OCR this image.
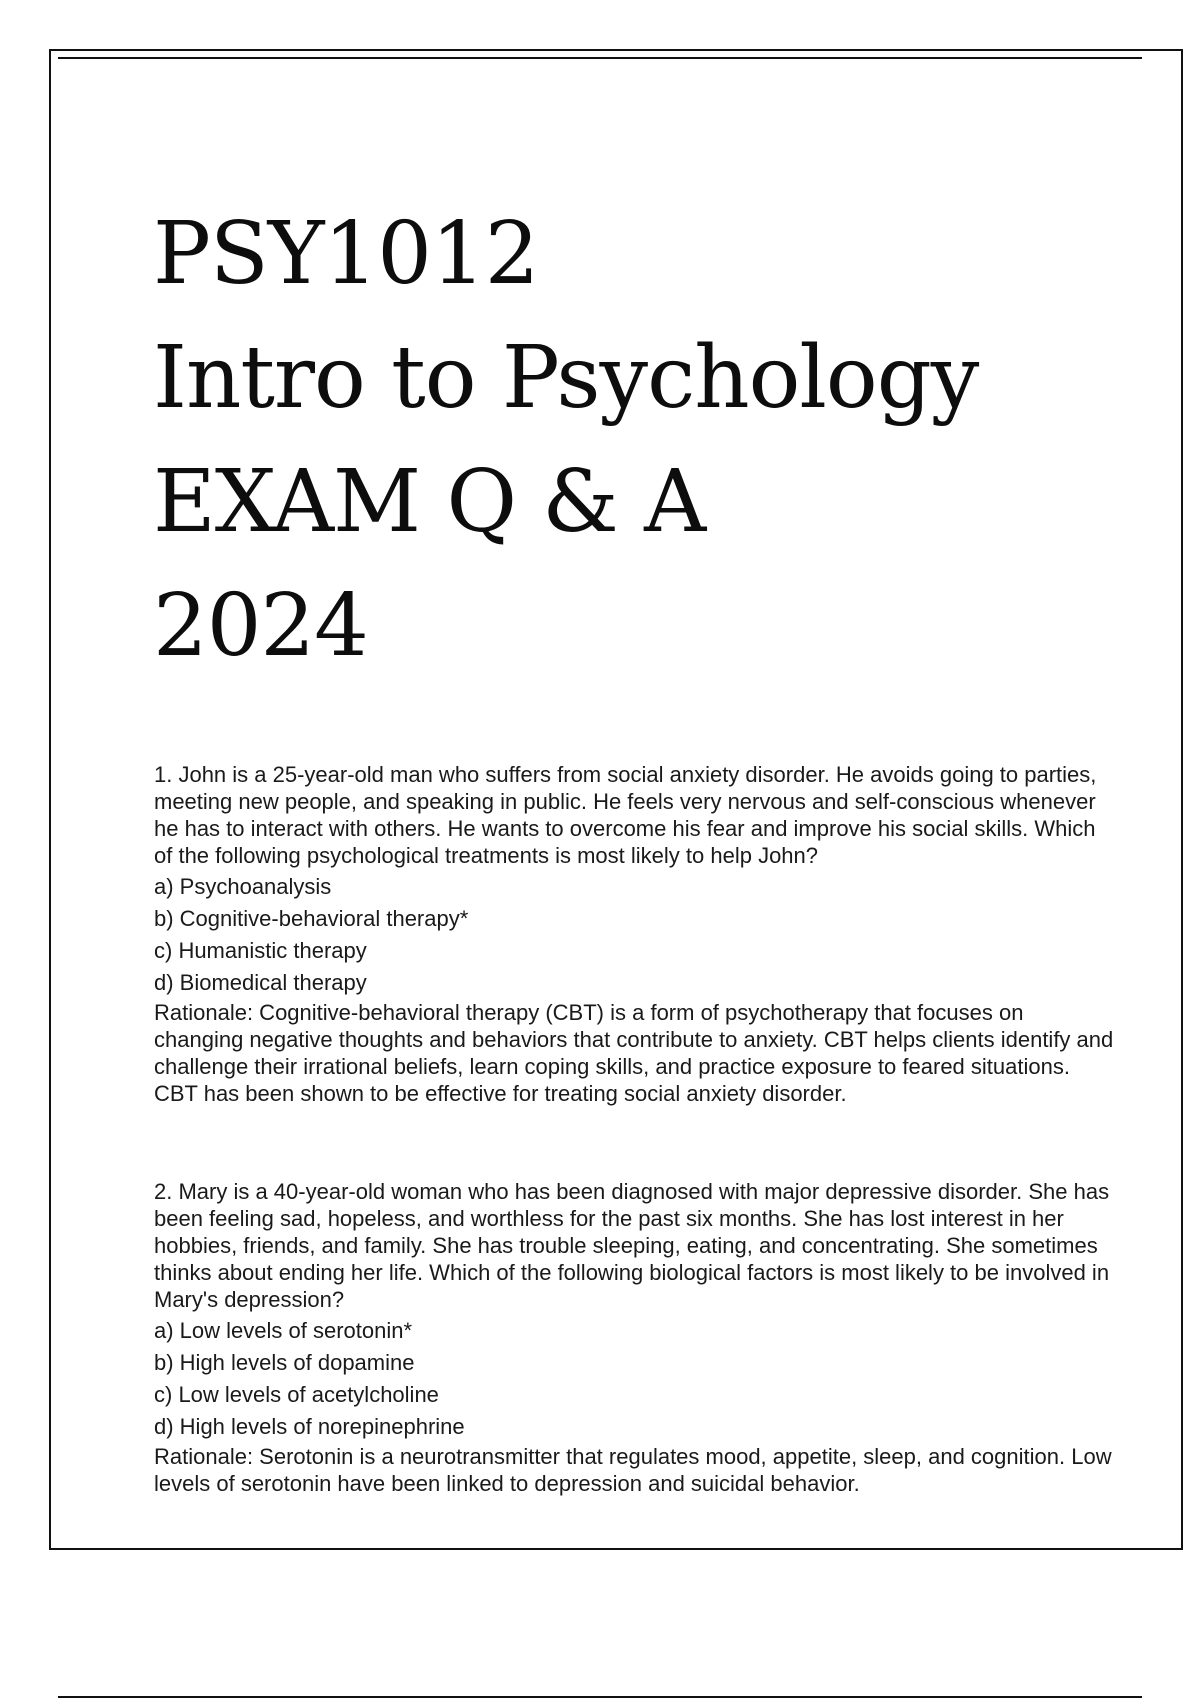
PSY1012
Intro to Psychology
EXAM Q & A
2024

1. John is a 25-year-old man who suffers from social anxiety disorder. He avoids going to parties, meeting new people, and speaking in public. He feels very nervous and self-conscious whenever he has to interact with others. He wants to overcome his fear and improve his social skills. Which of the following psychological treatments is most likely to help John?

a) Psychoanalysis

b) Cognitive-behavioral therapy*

c) Humanistic therapy

d) Biomedical therapy

Rationale: Cognitive-behavioral therapy (CBT) is a form of psychotherapy that focuses on changing negative thoughts and behaviors that contribute to anxiety. CBT helps clients identify and challenge their irrational beliefs, learn coping skills, and practice exposure to feared situations. CBT has been shown to be effective for treating social anxiety disorder.

2. Mary is a 40-year-old woman who has been diagnosed with major depressive disorder. She has been feeling sad, hopeless, and worthless for the past six months. She has lost interest in her hobbies, friends, and family. She has trouble sleeping, eating, and concentrating. She sometimes thinks about ending her life. Which of the following biological factors is most likely to be involved in Mary's depression?

a) Low levels of serotonin*

b) High levels of dopamine

c) Low levels of acetylcholine

d) High levels of norepinephrine

Rationale: Serotonin is a neurotransmitter that regulates mood, appetite, sleep, and cognition. Low levels of serotonin have been linked to depression and suicidal behavior.
